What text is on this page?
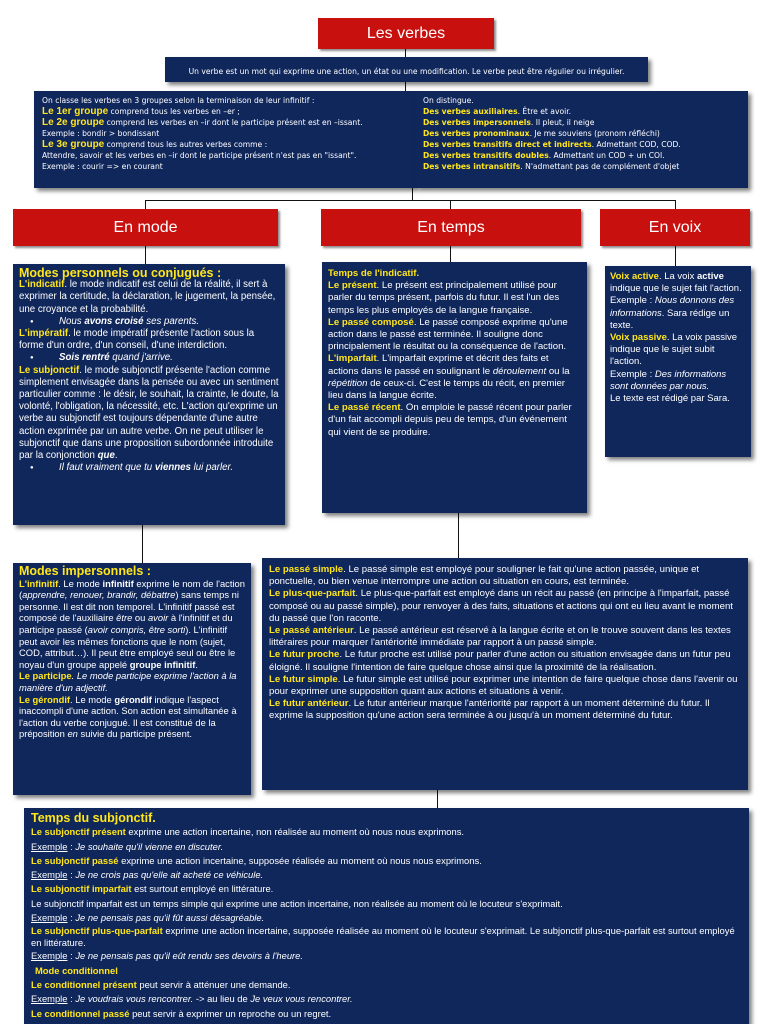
Les verbes
Un verbe est un mot qui exprime une action, un état ou une modification. Le verbe peut être régulier ou irrégulier.

On classe les verbes en 3 groupes selon la terminaison de leur infinitif :

Le 1er groupe comprend tous les verbes en –er ;

Le 2e groupe comprend les verbes en –ir dont le participe présent est en –issant.

Exemple : bondir > bondissant

Le 3e groupe comprend tous les autres verbes comme :

Attendre, savoir et les verbes en –ir dont le participe présent n'est pas en "issant".

Exemple : courir => en courant

On distingue.

Des verbes auxiliaires. Être et avoir.

Des verbes impersonnels. Il pleut, il neige

Des verbes pronominaux. Je me souviens (pronom réfléchi)

Des verbes transitifs direct et indirects. Admettant COD, COD.

Des verbes transitifs doubles. Admettant un COD + un COI.

Des verbes intransitifs. N'admettant pas de complément d'objet

En mode	En temps	En voix

Modes personnels ou conjugués :

L'indicatif. le mode indicatif est celui de la réalité, il sert à exprimer la certitude, la déclaration, le jugement, la pensée, une croyance et la probabilité.

● Nous avons croisé ses parents.

L'impératif. le mode impératif présente l'action sous la forme d'un ordre, d'un conseil, d'une interdiction.

● Sois rentré quand j'arrive.

Le subjonctif. le mode subjonctif présente l'action comme simplement envisagée dans la pensée ou avec un sentiment particulier comme : le désir, le souhait, la crainte, le doute, la volonté, l'obligation, la nécessité, etc. L'action qu'exprime un verbe au subjonctif est toujours dépendante d'une autre action exprimée par un autre verbe. On ne peut utiliser le subjonctif que dans une proposition subordonnée introduite par la conjonction que.

● Il faut vraiment que tu viennes lui parler.

Temps de l'indicatif.

Le présent. Le présent est principalement utilisé pour parler du temps présent, parfois du futur. Il est l'un des temps les plus employés de la langue française.

Le passé composé. Le passé composé exprime qu'une action dans le passé est terminée. Il souligne donc principalement le résultat ou la conséquence de l'action.

L'imparfait. L'imparfait exprime et décrit des faits et actions dans le passé en soulignant le déroulement ou la répétition de ceux-ci. C'est le temps du récit, en premier lieu dans la langue écrite.

Le passé récent. On emploie le passé récent pour parler d'un fait accompli depuis peu de temps, d'un événement qui vient de se produire.

Voix active. La voix active indique que le sujet fait l'action. Exemple : Nous donnons des informations. Sara rédige un texte.

Voix passive. La voix passive indique que le sujet subit l'action.

Exemple : Des informations sont données par nous.

Le texte est rédigé par Sara.

Modes impersonnels :

L'infinitif. Le mode infinitif exprime le nom de l'action (apprendre, renouer, brandir, débattre) sans temps ni personne. Il est dit non temporel. L'infinitif passé est composé de l'auxiliaire être ou avoir à l'infinitif et du participe passé (avoir compris, être sorti). L'infinitif peut avoir les mêmes fonctions que le nom (sujet, COD, attribut…). Il peut être employé seul ou être le noyau d'un groupe appelé groupe infinitif.

Le participe. Le mode participe exprime l'action à la manière d'un adjectif.

Le gérondif. Le mode gérondif indique l'aspect inaccompli d'une action. Son action est simultanée à l'action du verbe conjugué. Il est constitué de la préposition en suivie du participe présent.

Le passé simple. Le passé simple est employé pour souligner le fait qu'une action passée, unique et ponctuelle, ou bien venue interrompre une action ou situation en cours, est terminée.

Le plus-que-parfait. Le plus-que-parfait est employé dans un récit au passé (en principe à l'imparfait, passé composé ou au passé simple), pour renvoyer à des faits, situations et actions qui ont eu lieu avant le moment du passé que l'on raconte.

Le passé antérieur. Le passé antérieur est réservé à la langue écrite et on le trouve souvent dans les textes littéraires pour marquer l'antériorité immédiate par rapport à un passé simple.

Le futur proche. Le futur proche est utilisé pour parler d'une action ou situation envisagée dans un futur peu éloigné. Il souligne l'intention de faire quelque chose ainsi que la proximité de la réalisation.

Le futur simple. Le futur simple est utilisé pour exprimer une intention de faire quelque chose dans l'avenir ou pour exprimer une supposition quant aux actions et situations à venir.

Le futur antérieur. Le futur antérieur marque l'antériorité par rapport à un moment déterminé du futur. Il exprime la supposition qu'une action sera terminée à ou jusqu'à un moment déterminé du futur.

Temps du subjonctif.

Le subjonctif présent exprime une action incertaine, non réalisée au moment où nous nous exprimons.

Exemple : Je souhaite qu'il vienne en discuter.

Le subjonctif passé exprime une action incertaine, supposée réalisée au moment où nous nous exprimons.

Exemple : Je ne crois pas qu'elle ait acheté ce véhicule.

Le subjonctif imparfait est surtout employé en littérature.

Le subjonctif imparfait est un temps simple qui exprime une action incertaine, non réalisée au moment où le locuteur s'exprimait.

Exemple : Je ne pensais pas qu'il fût aussi désagréable.

Le subjonctif plus-que-parfait exprime une action incertaine, supposée réalisée au moment où le locuteur s'exprimait. Le subjonctif plus-que-parfait est surtout employé en littérature.

Exemple : Je ne pensais pas qu'il eût rendu ses devoirs à l'heure.

Mode conditionnel

Le conditionnel présent peut servir à atténuer une demande.

Exemple : Je voudrais vous rencontrer. -> au lieu de Je veux vous rencontrer.

Le conditionnel passé peut servir à exprimer un reproche ou un regret.
